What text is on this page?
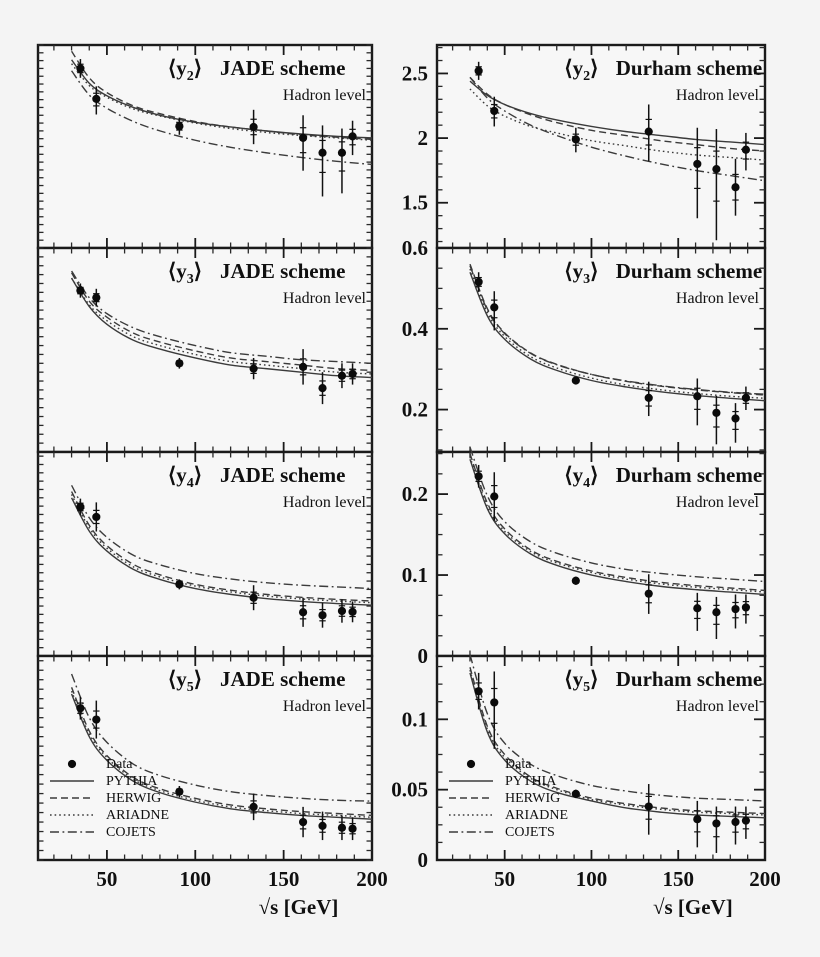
$⟨y_2⟩$ JADE scheme
Hadron level
$⟨y_3⟩$ JADE scheme
Hadron level
$⟨y_4⟩$ JADE scheme
Hadron level
$⟨y_5⟩$ JADE scheme
Hadron level
Data
PYTHIA
HERWIG
ARIADNE
COJETS
50	100	150	200
√s [GeV]
1.5
2
2.5	$⟨y_2⟩$ Durham scheme
Hadron level
0.2
0.4
0.6
$⟨y_3⟩$ Durham scheme
Hadron level
0
0.1
0.2
$⟨y_4⟩$ Durham scheme
Hadron level
0
0.05
0.1
$⟨y_5⟩$ Durham scheme
Hadron level
Data
PYTHIA
HERWIG
ARIADNE
COJETS
50	100	150	200
√s [GeV]
